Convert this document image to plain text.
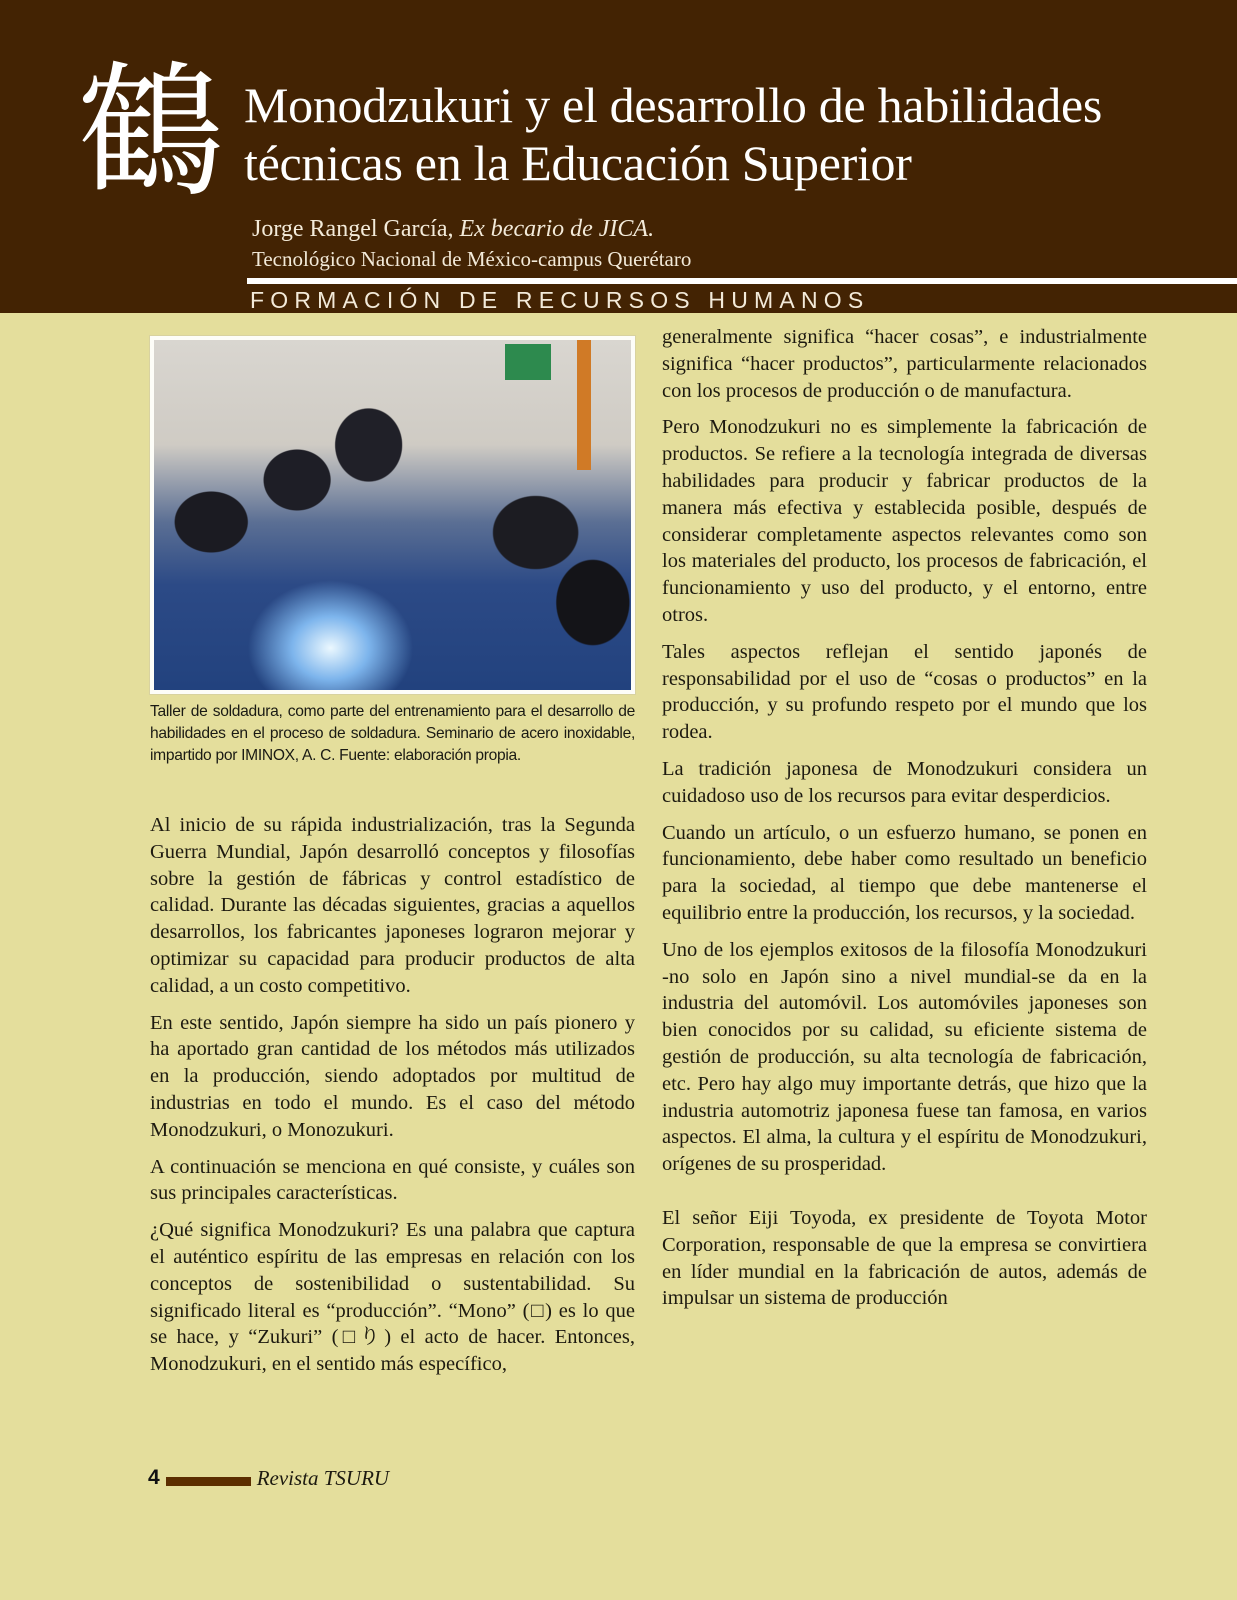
鶴 Monodzukuri y el desarrollo de habilidades técnicas en la Educación Superior
Jorge Rangel García, Ex becario de JICA.
Tecnológico Nacional de México-campus Querétaro
FORMACIÓN DE RECURSOS HUMANOS
Taller de soldadura, como parte del entrenamiento para el desarrollo de habilidades en el proceso de soldadura. Seminario de acero inoxidable, impartido por IMINOX, A. C. Fuente: elaboración propia.

Al inicio de su rápida industrialización, tras la Segunda Guerra Mundial, Japón desarrolló conceptos y filosofías sobre la gestión de fábricas y control estadístico de calidad. Durante las décadas siguientes, gracias a aquellos desarrollos, los fabricantes japoneses lograron mejorar y optimizar su capacidad para producir productos de alta calidad, a un costo competitivo.

En este sentido, Japón siempre ha sido un país pionero y ha aportado gran cantidad de los métodos más utilizados en la producción, siendo adoptados por multitud de industrias en todo el mundo. Es el caso del método Monodzukuri, o Monozukuri.

A continuación se menciona en qué consiste, y cuáles son sus principales características.

¿Qué significa Monodzukuri? Es una palabra que captura el auténtico espíritu de las empresas en relación con los conceptos de sostenibilidad o sustentabilidad. Su significado literal es “producción”. “Mono” (□) es lo que se hace, y “Zukuri” (□り) el acto de hacer. Entonces, Monodzukuri, en el sentido más específico,

generalmente significa “hacer cosas”, e industrialmente significa “hacer productos”, particularmente relacionados con los procesos de producción o de manufactura.

Pero Monodzukuri no es simplemente la fabricación de productos. Se refiere a la tecnología integrada de diversas habilidades para producir y fabricar productos de la manera más efectiva y establecida posible, después de considerar completamente aspectos relevantes como son los materiales del producto, los procesos de fabricación, el funcionamiento y uso del producto, y el entorno, entre otros.

Tales aspectos reflejan el sentido japonés de responsabilidad por el uso de “cosas o productos” en la producción, y su profundo respeto por el mundo que los rodea.

La tradición japonesa de Monodzukuri considera un cuidadoso uso de los recursos para evitar desperdicios.

Cuando un artículo, o un esfuerzo humano, se ponen en funcionamiento, debe haber como resultado un beneficio para la sociedad, al tiempo que debe mantenerse el equilibrio entre la producción, los recursos, y la sociedad.

Uno de los ejemplos exitosos de la filosofía Monodzukuri -no solo en Japón sino a nivel mundial-se da en la industria del automóvil. Los automóviles japoneses son bien conocidos por su calidad, su eficiente sistema de gestión de producción, su alta tecnología de fabricación, etc. Pero hay algo muy importante detrás, que hizo que la industria automotriz japonesa fuese tan famosa, en varios aspectos. El alma, la cultura y el espíritu de Monodzukuri, orígenes de su prosperidad.

El señor Eiji Toyoda, ex presidente de Toyota Motor Corporation, responsable de que la empresa se convirtiera en líder mundial en la fabricación de autos, además de impulsar un sistema de producción

4	Revista TSURU
